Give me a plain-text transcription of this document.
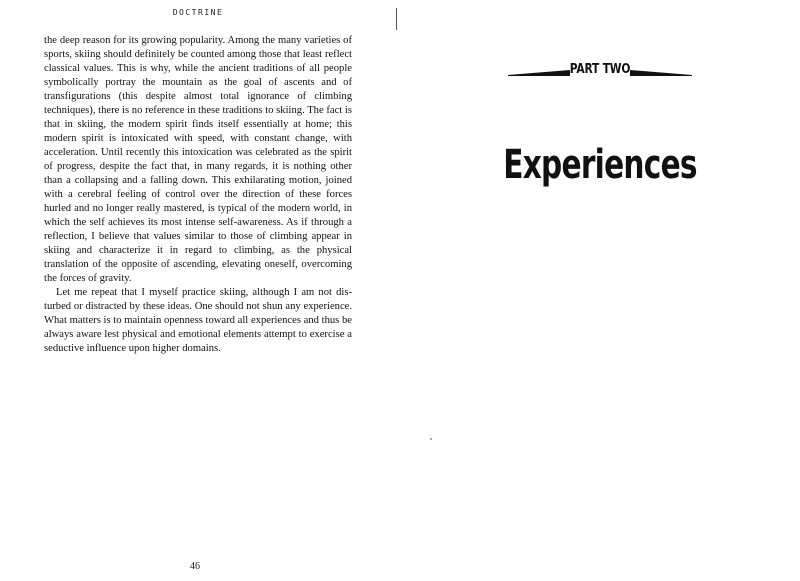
DOCTRINE

the deep reason for its growing popularity. Among the many varieties of sports, skiing should definitely be counted among those that least reflect classical values. This is why, while the ancient traditions of all people symbolically portray the mountain as the goal of ascents and of transfigurations (this despite almost total ignorance of climbing techniques), there is no reference in these traditions to skiing. The fact is that in skiing, the modern spirit finds itself essentially at home; this modern spirit is intoxicated with speed, with constant change, with acceleration. Until recently this intoxication was celebrated as the spirit of progress, despite the fact that, in many regards, it is nothing other than a collapsing and a falling down. This exhilarating motion, joined with a cerebral feeling of control over the direction of these forces hurled and no longer really mastered, is typical of the modern world, in which the self achieves its most intense self-awareness. As if through a reflection, I believe that values similar to those of climbing appear in skiing and characterize it in regard to climbing, as the physical translation of the opposite of ascending, elevating oneself, overcoming the forces of gravity.

Let me repeat that I myself practice skiing, although I am not disturbed or distracted by these ideas. One should not shun any experience. What matters is to maintain openness toward all experiences and thus be always aware lest physical and emotional elements attempt to exercise a seductive influence upon higher domains.

46
PART TWO
Experiences
